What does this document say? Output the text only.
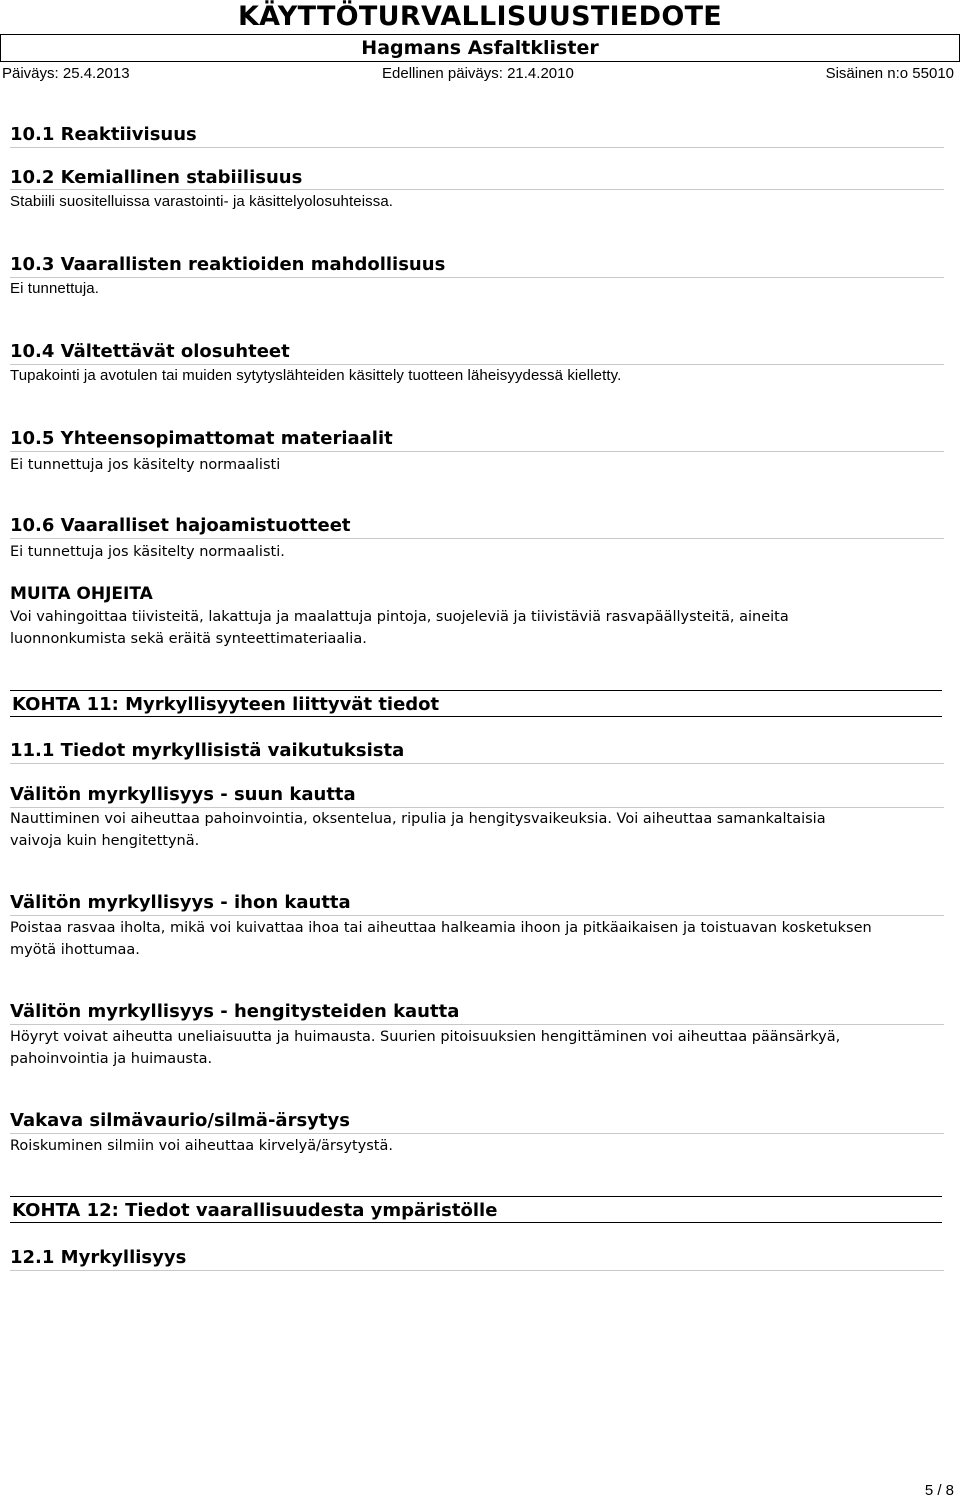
KÄYTTÖTURVALLISUUSTIEDOTE
Hagmans Asfaltklister
Päiväys: 25.4.2013	Edellinen päiväys: 21.4.2010	Sisäinen n:o 55010
10.1 Reaktiivisuus
10.2 Kemiallinen stabiilisuus
Stabiili suositelluissa varastointi- ja käsittelyolosuhteissa.
10.3 Vaarallisten reaktioiden mahdollisuus
Ei tunnettuja.
10.4 Vältettävät olosuhteet
Tupakointi ja avotulen tai muiden sytytyslähteiden käsittely tuotteen läheisyydessä kielletty.
10.5 Yhteensopimattomat materiaalit
Ei tunnettuja jos käsitelty normaalisti
10.6 Vaaralliset hajoamistuotteet
Ei tunnettuja jos käsitelty normaalisti.
MUITA OHJEITA
Voi vahingoittaa tiivisteitä, lakattuja ja maalattuja pintoja, suojeleviä ja tiivistäviä rasvapäällysteitä, aineita
luonnonkumista sekä eräitä synteettimateriaalia.
KOHTA 11: Myrkyllisyyteen liittyvät tiedot
11.1 Tiedot myrkyllisistä vaikutuksista
Välitön myrkyllisyys - suun kautta
Nauttiminen voi aiheuttaa pahoinvointia, oksentelua, ripulia ja hengitysvaikeuksia. Voi aiheuttaa samankaltaisia
vaivoja kuin hengitettynä.
Välitön myrkyllisyys - ihon kautta
Poistaa rasvaa iholta, mikä voi kuivattaa ihoa tai aiheuttaa halkeamia ihoon ja pitkäaikaisen ja toistuavan kosketuksen
myötä ihottumaa.
Välitön myrkyllisyys - hengitysteiden kautta
Höyryt voivat aiheutta uneliaisuutta ja huimausta. Suurien pitoisuuksien hengittäminen voi aiheuttaa päänsärkyä,
pahoinvointia ja huimausta.
Vakava silmävaurio/silmä-ärsytys
Roiskuminen silmiin voi aiheuttaa kirvelyä/ärsytystä.
KOHTA 12: Tiedot vaarallisuudesta ympäristölle
12.1 Myrkyllisyys
5 / 8
